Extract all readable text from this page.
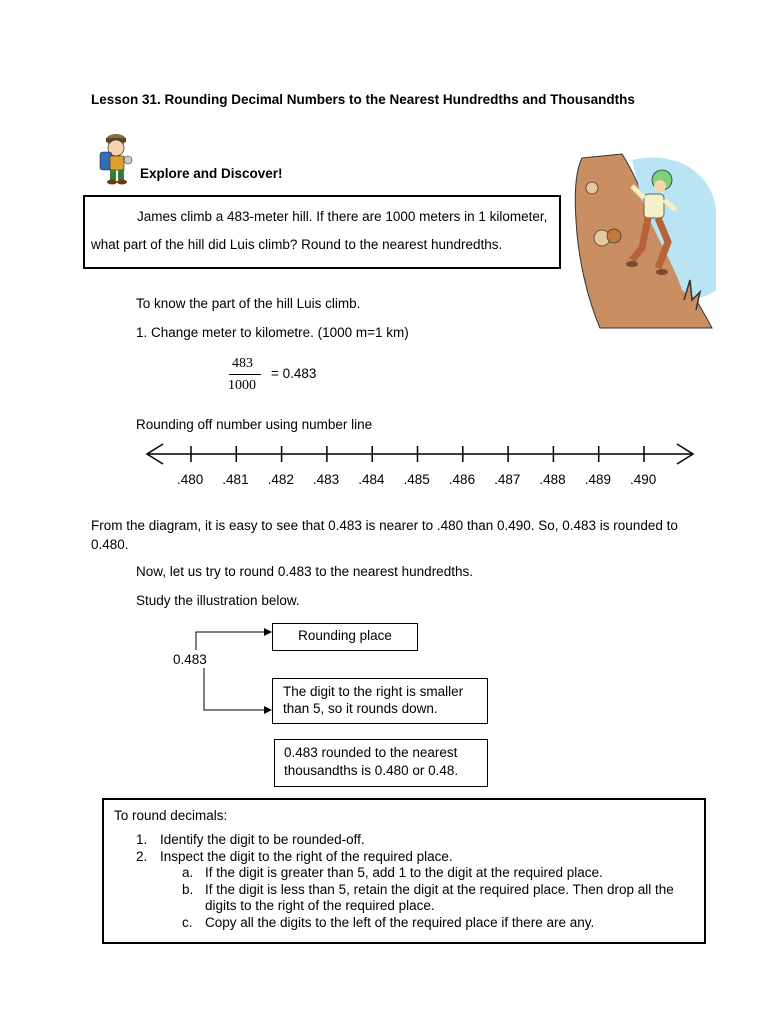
Lesson 31. Rounding Decimal Numbers to the Nearest Hundredths and Thousandths
Explore and Discover!
James climb a 483-meter hill. If there are 1000 meters in 1 kilometer,
what part of the hill did Luis climb? Round to the nearest hundredths.
To know the part of the hill Luis climb.
1. Change meter to kilometre. (1000 m=1 km)
483
1000
= 0.483
Rounding off number using number line
.480 .481 .482 .483 .484 .485 .486 .487 .488 .489 .490
From the diagram, it is easy to see that 0.483 is nearer to .480 than 0.490. So, 0.483 is rounded to 0.480.
Now, let us try to round 0.483 to the nearest hundredths.
Study the illustration below.
0.483
Rounding place
The digit to the right is smaller than 5, so it rounds down.
0.483 rounded to the nearest thousandths is 0.480 or 0.48.
To round decimals:
1. Identify the digit to be rounded-off.
2. Inspect the digit to the right of the required place.
a. If the digit is greater than 5, add 1 to the digit at the required place.
b. If the digit is less than 5, retain the digit at the required place. Then drop all the digits to the right of the required place.
c. Copy all the digits to the left of the required place if there are any.
